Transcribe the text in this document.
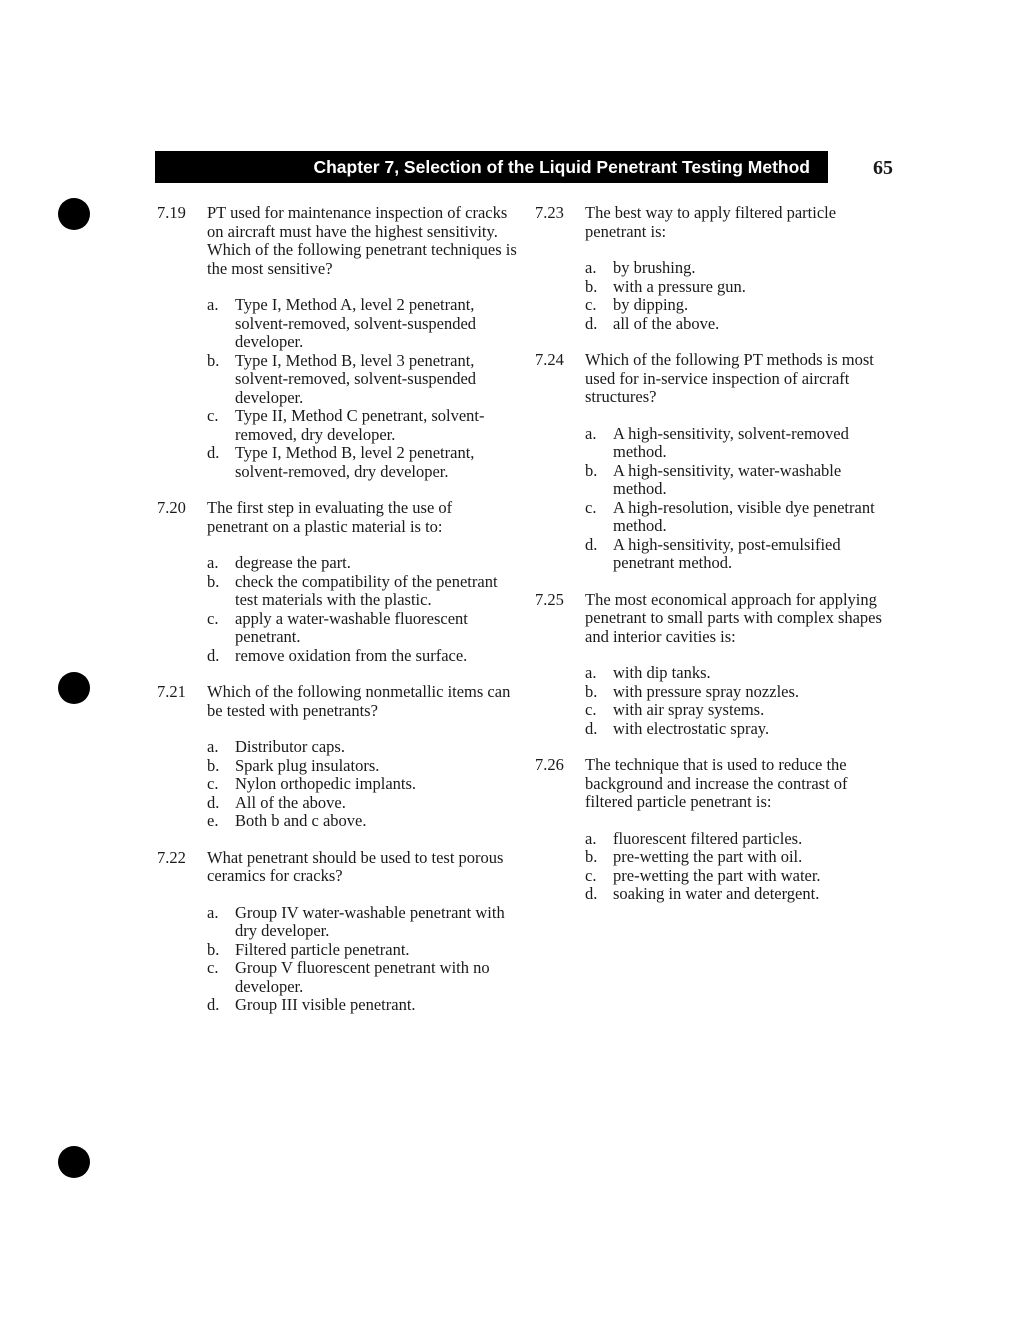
Chapter 7, Selection of the Liquid Penetrant Testing Method	65
7.19	PT used for maintenance inspection of cracks on aircraft must have the highest sensitivity. Which of the following penetrant techniques is the most sensitive?
a.	Type I, Method A, level 2 penetrant, solvent-removed, solvent-suspended developer.
b. Type I, Method B, level 3 penetrant, solvent-removed, solvent-suspended developer.
c.	Type II, Method C penetrant, solvent-removed, dry developer.
d. Type I, Method B, level 2 penetrant, solvent-removed, dry developer.
7.20	The first step in evaluating the use of penetrant on a plastic material is to:
a.	degrease the part.
b. check the compatibility of the penetrant test materials with the plastic.
c.	apply a water-washable fluorescent penetrant.
d. remove oxidation from the surface.
7.21	Which of the following nonmetallic items can be tested with penetrants?
a.	Distributor caps.
b. Spark plug insulators.
c.	Nylon orthopedic implants.
d. All of the above.
e.	Both b and c above.
7.22	What penetrant should be used to test porous ceramics for cracks?
a.	Group IV water-washable penetrant with dry developer.
b. Filtered particle penetrant.
c.	Group V fluorescent penetrant with no developer.
d. Group III visible penetrant.
7.23	The best way to apply filtered particle penetrant is:
a.	by brushing.
b. with a pressure gun.
c.	by dipping.
d. all of the above.
7.24	Which of the following PT methods is most used for in-service inspection of aircraft structures?
a.	A high-sensitivity, solvent-removed method.
b. A high-sensitivity, water-washable method.
c.	A high-resolution, visible dye penetrant method.
d. A high-sensitivity, post-emulsified penetrant method.
7.25	The most economical approach for applying penetrant to small parts with complex shapes and interior cavities is:
a.	with dip tanks.
b. with pressure spray nozzles.
c.	with air spray systems.
d. with electrostatic spray.
7.26	The technique that is used to reduce the background and increase the contrast of filtered particle penetrant is:
a.	fluorescent filtered particles.
b. pre-wetting the part with oil.
c.	pre-wetting the part with water.
d. soaking in water and detergent.
